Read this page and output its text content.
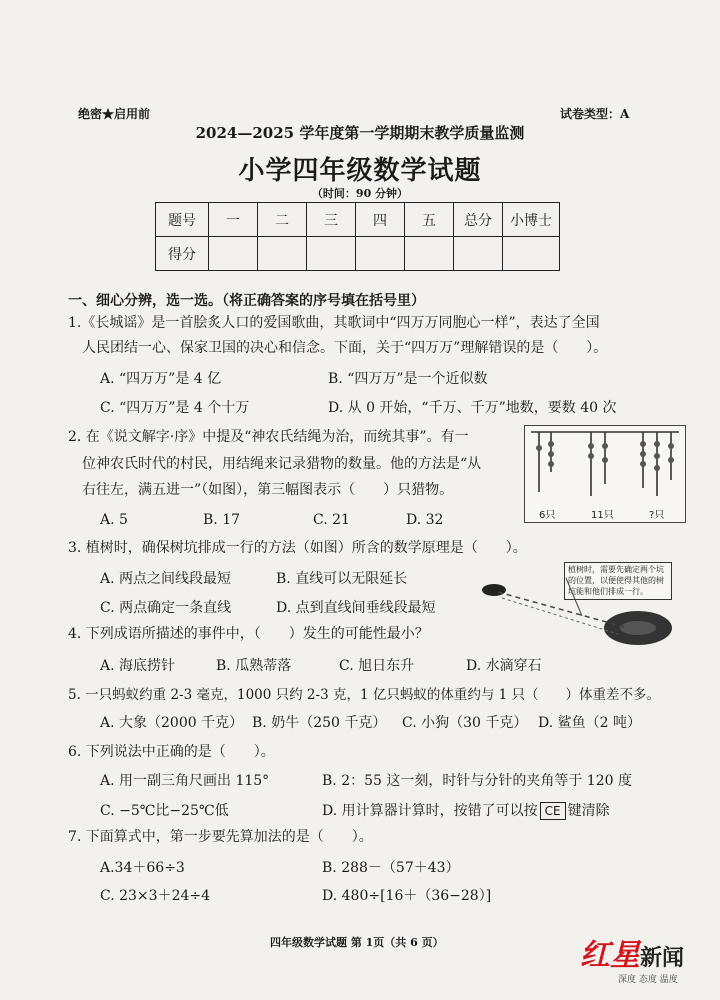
绝密★启用前	试卷类型：A
2024—2025 学年度第一学期期末教学质量监测
小学四年级数学试题
（时间：90 分钟）
题号	一	二	三	四	五	总分	小博士
得分							
一、细心分辨，选一选。（将正确答案的序号填在括号里）
1.《长城谣》是一首脍炙人口的爱国歌曲，其歌词中“四万万同胞心一样”，表达了全国
人民团结一心、保家卫国的决心和信念。下面，关于“四万万”理解错误的是（　　）。
A. “四万万”是 4 亿	B. “四万万”是一个近似数
C. “四万万”是 4 个十万	D. 从 0 开始，“千万、千万”地数，要数 40 次
2. 在《说文解字·序》中提及“神农氏结绳为治，而统其事”。有一
位神农氏时代的村民，用结绳来记录猎物的数量。他的方法是“从
右往左，满五进一”（如图），第三幅图表示（　　）只猎物。
A. 5	B. 17	C. 21	D. 32	6只	11只	?只
3. 植树时，确保树坑排成一行的方法（如图）所含的数学原理是（　　）。
A. 两点之间线段最短	B. 直线可以无限延长
C. 两点确定一条直线	D. 点到直线间垂线段最短
植树时，需要先确定两个坑的位置，以便使得其他的树坑能和他们排成一行。
4. 下列成语所描述的事件中，（　　）发生的可能性最小？
A. 海底捞针	B. 瓜熟蒂落	C. 旭日东升	D. 水滴穿石
5. 一只蚂蚁约重 2-3 毫克，1000 只约 2-3 克，1 亿只蚂蚁的体重约与 1 只（　　）体重差不多。
A. 大象（2000 千克） B. 奶牛（250 千克） C. 小狗（30 千克） D. 鲨鱼（2 吨）
6. 下列说法中正确的是（　　）。
A. 用一副三角尺画出 115°	B. 2：55 这一刻，时针与分针的夹角等于 120 度
C. −5℃比−25℃低	D. 用计算器计算时，按错了可以按 CE 键清除
7. 下面算式中，第一步要先算加法的是（　　）。
A.34＋66÷3	B. 288－（57＋43）
C. 23×3＋24÷4	D. 480÷[16＋（36−28）]
四年级数学试题 第 1页（共 6 页）	红星新闻
深度 态度 温度
